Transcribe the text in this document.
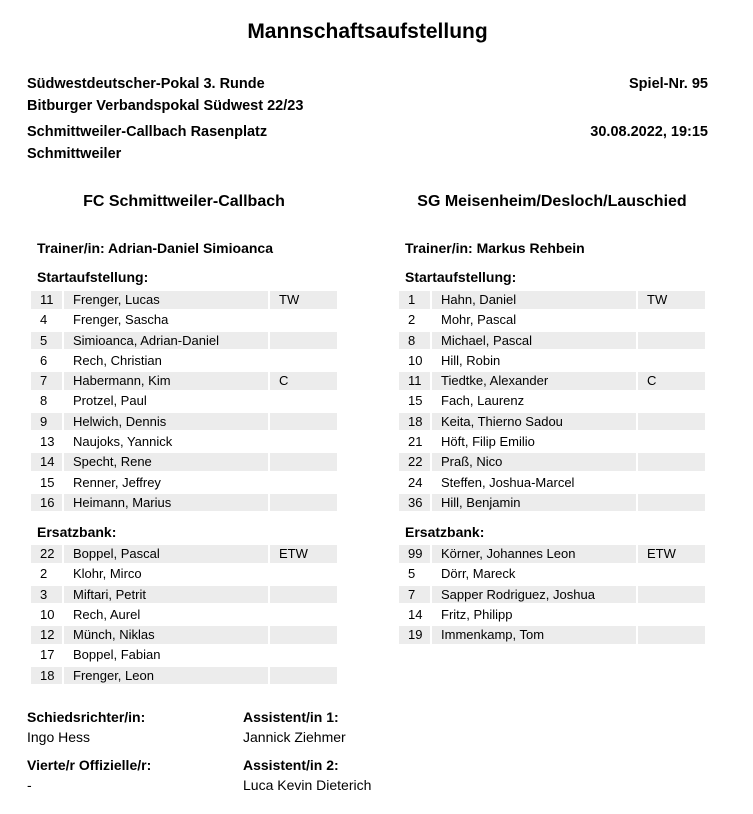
Mannschaftsaufstellung
Südwestdeutscher-Pokal 3. Runde
Bitburger Verbandspokal Südwest 22/23
Schmittweiler-Callbach Rasenplatz
Schmittweiler
Spiel-Nr. 95
30.08.2022, 19:15
FC Schmittweiler-Callbach
Trainer/in: Adrian-Daniel Simioanca
Startaufstellung:
11	Frenger, Lucas	TW
4	Frenger, Sascha
5	Simioanca, Adrian-Daniel
6	Rech, Christian
7	Habermann, Kim	C
8	Protzel, Paul
9	Helwich, Dennis
13	Naujoks, Yannick
14	Specht, Rene
15	Renner, Jeffrey
16	Heimann, Marius
Ersatzbank:
22	Boppel, Pascal	ETW
2	Klohr, Mirco
3	Miftari, Petrit
10	Rech, Aurel
12	Münch, Niklas
17	Boppel, Fabian
18	Frenger, Leon
SG Meisenheim/Desloch/Lauschied
Trainer/in: Markus Rehbein
Startaufstellung:
1	Hahn, Daniel	TW
2	Mohr, Pascal
8	Michael, Pascal
10	Hill, Robin
11	Tiedtke, Alexander	C
15	Fach, Laurenz
18	Keita, Thierno Sadou
21	Höft, Filip Emilio
22	Praß, Nico
24	Steffen, Joshua-Marcel
36	Hill, Benjamin
Ersatzbank:
99	Körner, Johannes Leon	ETW
5	Dörr, Mareck
7	Sapper Rodriguez, Joshua
14	Fritz, Philipp
19	Immenkamp, Tom
Schiedsrichter/in:
Ingo Hess
Vierte/r Offizielle/r:
-
Assistent/in 1:
Jannick Ziehmer
Assistent/in 2:
Luca Kevin Dieterich
